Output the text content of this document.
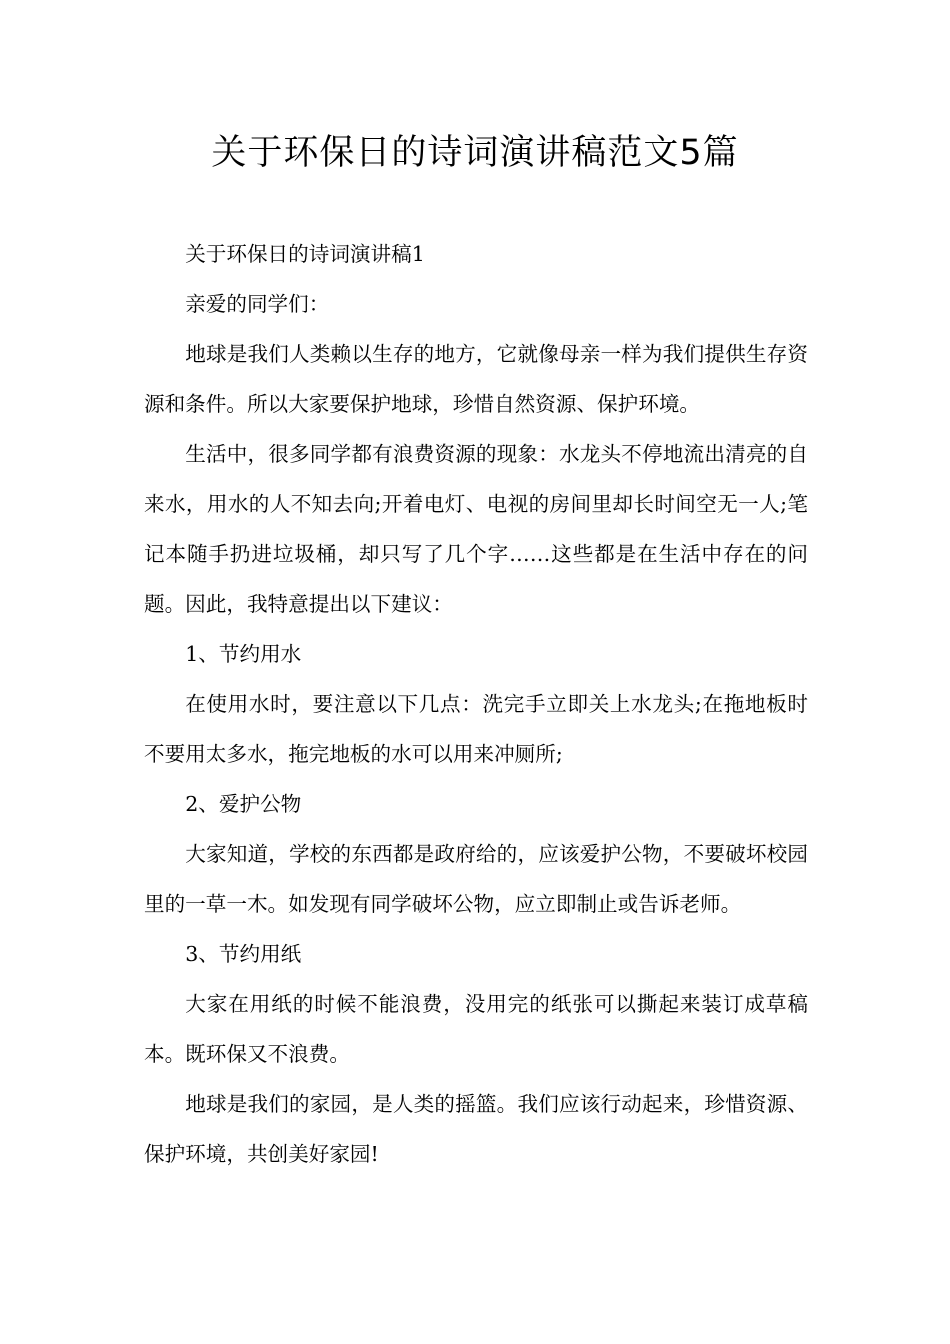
关于环保日的诗词演讲稿范文5篇

关于环保日的诗词演讲稿1

亲爱的同学们：

地球是我们人类赖以生存的地方，它就像母亲一样为我们提供生存资源和条件。所以大家要保护地球，珍惜自然资源、保护环境。

生活中，很多同学都有浪费资源的现象：水龙头不停地流出清亮的自来水，用水的人不知去向;开着电灯、电视的房间里却长时间空无一人;笔记本随手扔进垃圾桶，却只写了几个字……这些都是在生活中存在的问题。因此，我特意提出以下建议：

1、节约用水

在使用水时，要注意以下几点：洗完手立即关上水龙头;在拖地板时不要用太多水，拖完地板的水可以用来冲厕所;

2、爱护公物

大家知道，学校的东西都是政府给的，应该爱护公物，不要破坏校园里的一草一木。如发现有同学破坏公物，应立即制止或告诉老师。

3、节约用纸

大家在用纸的时候不能浪费，没用完的纸张可以撕起来装订成草稿本。既环保又不浪费。

地球是我们的家园，是人类的摇篮。我们应该行动起来，珍惜资源、保护环境，共创美好家园!
